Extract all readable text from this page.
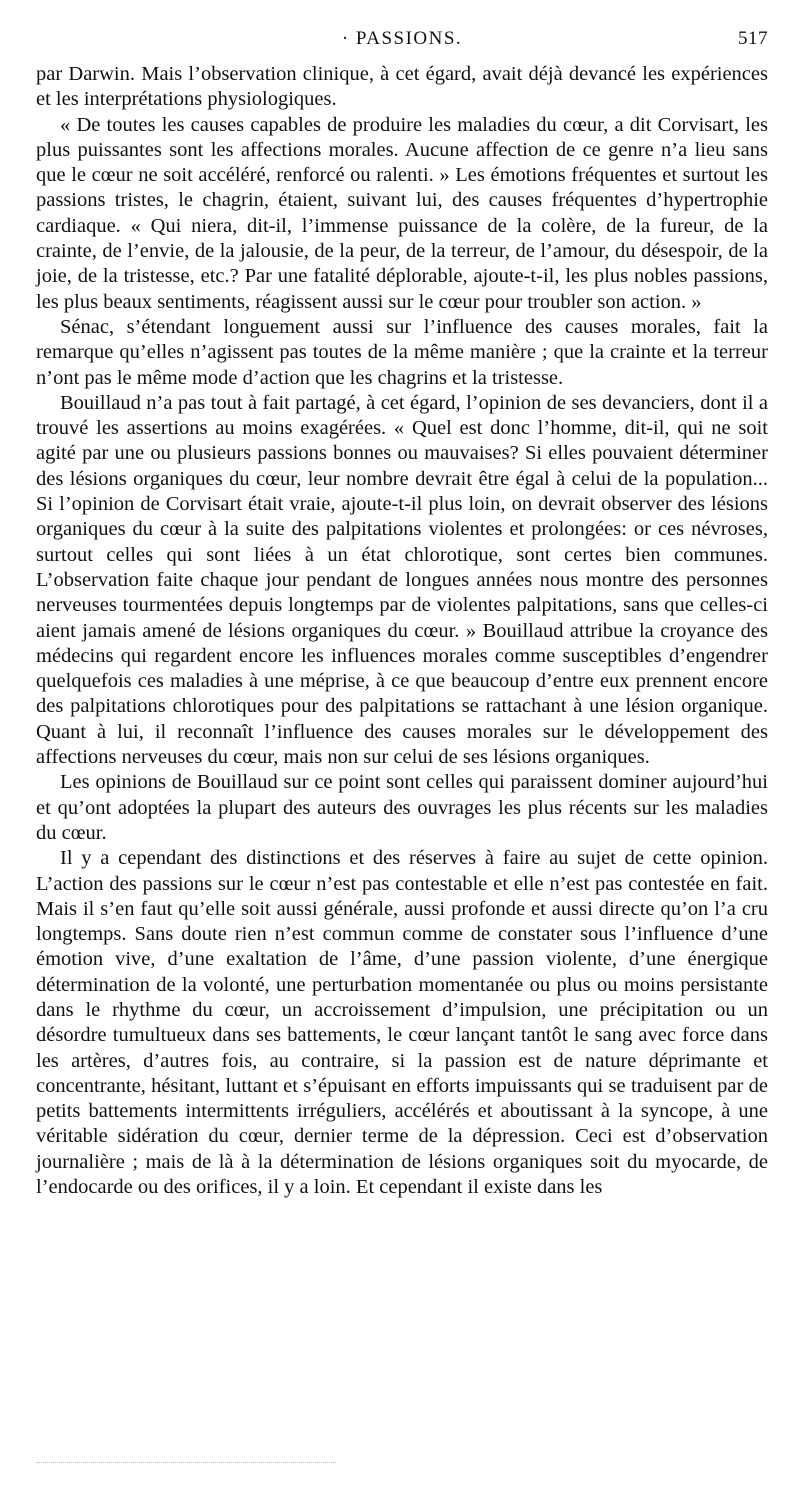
· PASSIONS.	517

par Darwin. Mais l’observation clinique, à cet égard, avait déjà devancé les expériences et les interprétations physiologiques.

« De toutes les causes capables de produire les maladies du cœur, a dit Corvisart, les plus puissantes sont les affections morales. Aucune affection de ce genre n’a lieu sans que le cœur ne soit accéléré, renforcé ou ralenti. » Les émotions fréquentes et surtout les passions tristes, le chagrin, étaient, suivant lui, des causes fréquentes d’hypertrophie cardiaque. « Qui niera, dit-il, l’immense puissance de la colère, de la fureur, de la crainte, de l’envie, de la jalousie, de la peur, de la terreur, de l’amour, du désespoir, de la joie, de la tristesse, etc.? Par une fatalité déplorable, ajoute-t-il, les plus nobles passions, les plus beaux sentiments, réagissent aussi sur le cœur pour troubler son action. »

Sénac, s’étendant longuement aussi sur l’influence des causes morales, fait la remarque qu’elles n’agissent pas toutes de la même manière ; que la crainte et la terreur n’ont pas le même mode d’action que les chagrins et la tristesse.

Bouillaud n’a pas tout à fait partagé, à cet égard, l’opinion de ses devanciers, dont il a trouvé les assertions au moins exagérées. « Quel est donc l’homme, dit-il, qui ne soit agité par une ou plusieurs passions bonnes ou mauvaises? Si elles pouvaient déterminer des lésions organiques du cœur, leur nombre devrait être égal à celui de la population... Si l’opinion de Corvisart était vraie, ajoute-t-il plus loin, on devrait observer des lésions organiques du cœur à la suite des palpitations violentes et prolongées: or ces névroses, surtout celles qui sont liées à un état chlorotique, sont certes bien communes. L’observation faite chaque jour pendant de longues années nous montre des personnes nerveuses tourmentées depuis longtemps par de violentes palpitations, sans que celles-ci aient jamais amené de lésions organiques du cœur. » Bouillaud attribue la croyance des médecins qui regardent encore les influences morales comme susceptibles d’engendrer quelquefois ces maladies à une méprise, à ce que beaucoup d’entre eux prennent encore des palpitations chlorotiques pour des palpitations se rattachant à une lésion organique. Quant à lui, il reconnaît l’influence des causes morales sur le développement des affections nerveuses du cœur, mais non sur celui de ses lésions organiques.

Les opinions de Bouillaud sur ce point sont celles qui paraissent dominer aujourd’hui et qu’ont adoptées la plupart des auteurs des ouvrages les plus récents sur les maladies du cœur.

Il y a cependant des distinctions et des réserves à faire au sujet de cette opinion. L’action des passions sur le cœur n’est pas contestable et elle n’est pas contestée en fait. Mais il s’en faut qu’elle soit aussi générale, aussi profonde et aussi directe qu’on l’a cru longtemps. Sans doute rien n’est commun comme de constater sous l’influence d’une émotion vive, d’une exaltation de l’âme, d’une passion violente, d’une énergique détermination de la volonté, une perturbation momentanée ou plus ou moins persistante dans le rhythme du cœur, un accroissement d’impulsion, une précipitation ou un désordre tumultueux dans ses battements, le cœur lançant tantôt le sang avec force dans les artères, d’autres fois, au contraire, si la passion est de nature déprimante et concentrante, hésitant, luttant et s’épuisant en efforts impuissants qui se traduisent par de petits battements intermittents irréguliers, accélérés et aboutissant à la syncope, à une véritable sidération du cœur, dernier terme de la dépression. Ceci est d’observation journalière ; mais de là à la détermination de lésions organiques soit du myocarde, de l’endocarde ou des orifices, il y a loin. Et cependant il existe dans les
